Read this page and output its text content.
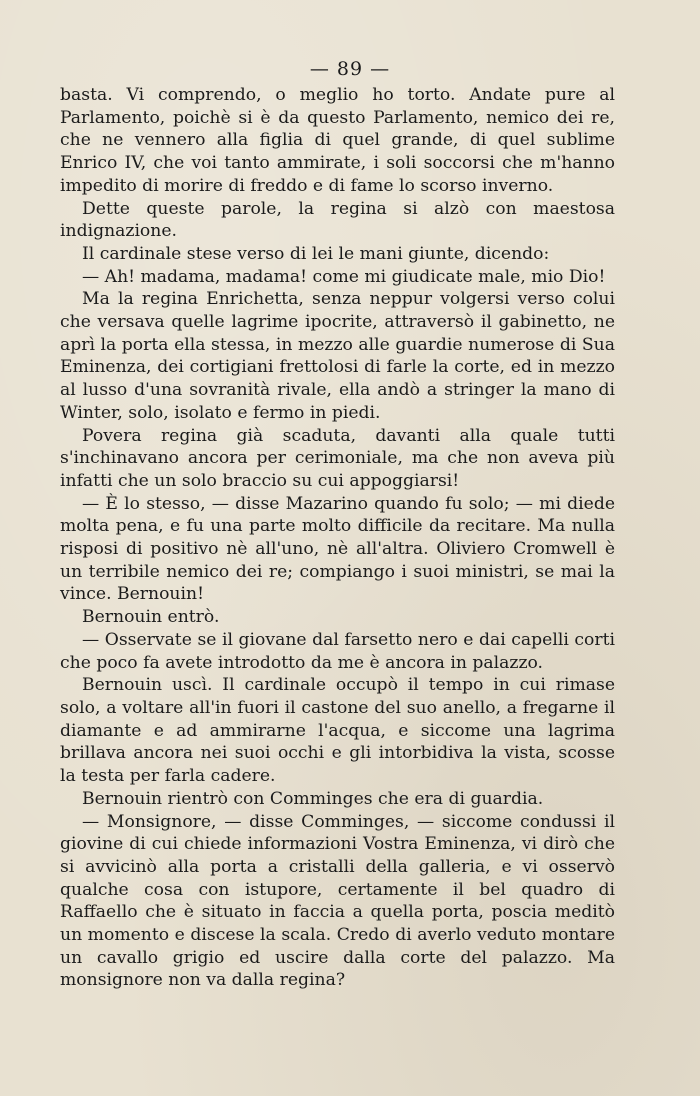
— 89 —

basta. Vi comprendo, o meglio ho torto. Andate pure al Parlamento, poichè si è da questo Parlamento, nemico dei re, che ne vennero alla figlia di quel grande, di quel sublime Enrico IV, che voi tanto ammirate, i soli soccorsi che m'hanno impedito di morire di freddo e di fame lo scorso inverno.

Dette queste parole, la regina si alzò con maestosa indignazione.

Il cardinale stese verso di lei le mani giunte, dicendo:

— Ah! madama, madama! come mi giudicate male, mio Dio!

Ma la regina Enrichetta, senza neppur volgersi verso colui che versava quelle lagrime ipocrite, attraversò il gabinetto, ne aprì la porta ella stessa, in mezzo alle guardie numerose di Sua Eminenza, dei cortigiani frettolosi di farle la corte, ed in mezzo al lusso d'una sovranità rivale, ella andò a stringer la mano di Winter, solo, isolato e fermo in piedi.

Povera regina già scaduta, davanti alla quale tutti s'inchinavano ancora per cerimoniale, ma che non aveva più infatti che un solo braccio su cui appoggiarsi!

— È lo stesso, — disse Mazarino quando fu solo; — mi diede molta pena, e fu una parte molto difficile da recitare. Ma nulla risposi di positivo nè all'uno, nè all'altra. Oliviero Cromwell è un terribile nemico dei re; compiango i suoi ministri, se mai la vince. Bernouin!

Bernouin entrò.

— Osservate se il giovane dal farsetto nero e dai capelli corti che poco fa avete introdotto da me è ancora in palazzo.

Bernouin uscì. Il cardinale occupò il tempo in cui rimase solo, a voltare all'in fuori il castone del suo anello, a fregarne il diamante e ad ammirarne l'acqua, e siccome una lagrima brillava ancora nei suoi occhi e gli intorbidiva la vista, scosse la testa per farla cadere.

Bernouin rientrò con Comminges che era di guardia.

— Monsignore, — disse Comminges, — siccome condussi il giovine di cui chiede informazioni Vostra Eminenza, vi dirò che si avvicinò alla porta a cristalli della galleria, e vi osservò qualche cosa con istupore, certamente il bel quadro di Raffaello che è situato in faccia a quella porta, poscia meditò un momento e discese la scala. Credo di averlo veduto montare un cavallo grigio ed uscire dalla corte del palazzo. Ma monsignore non va dalla regina?
